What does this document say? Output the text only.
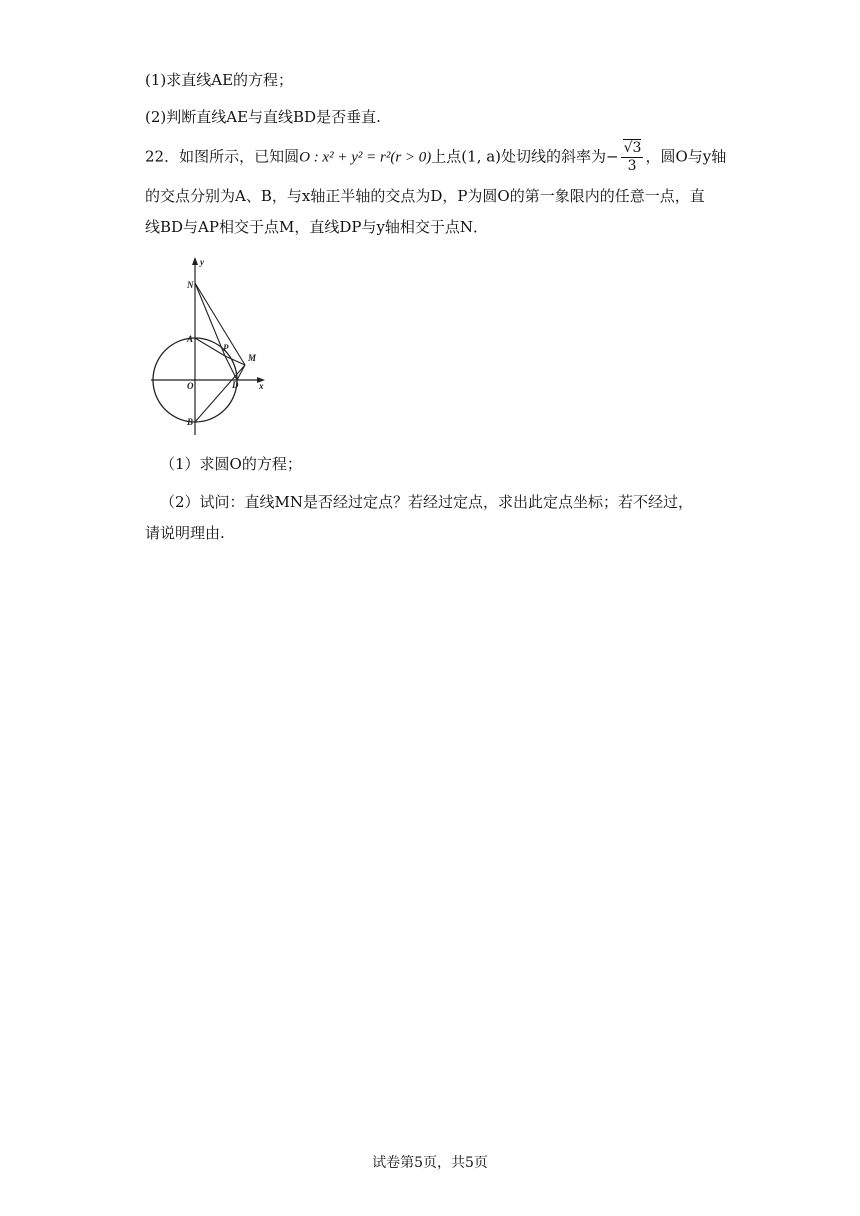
(1)求直线AE的方程；
(2)判断直线AE与直线BD是否垂直.
22．如图所示，已知圆O : x² + y² = r²(r > 0)上点(1, a)处切线的斜率为− $\frac{√3}{3}$ ，圆O与y轴
的交点分别为A、B，与x轴正半轴的交点为D，P为圆O的第一象限内的任意一点，直
线BD与AP相交于点M，直线DP与y轴相交于点N．
y
x
N
A
P
M
O	D
B
（1）求圆O的方程；
（2）试问：直线MN是否经过定点？若经过定点，求出此定点坐标；若不经过，
请说明理由.
试卷第5页，共5页
